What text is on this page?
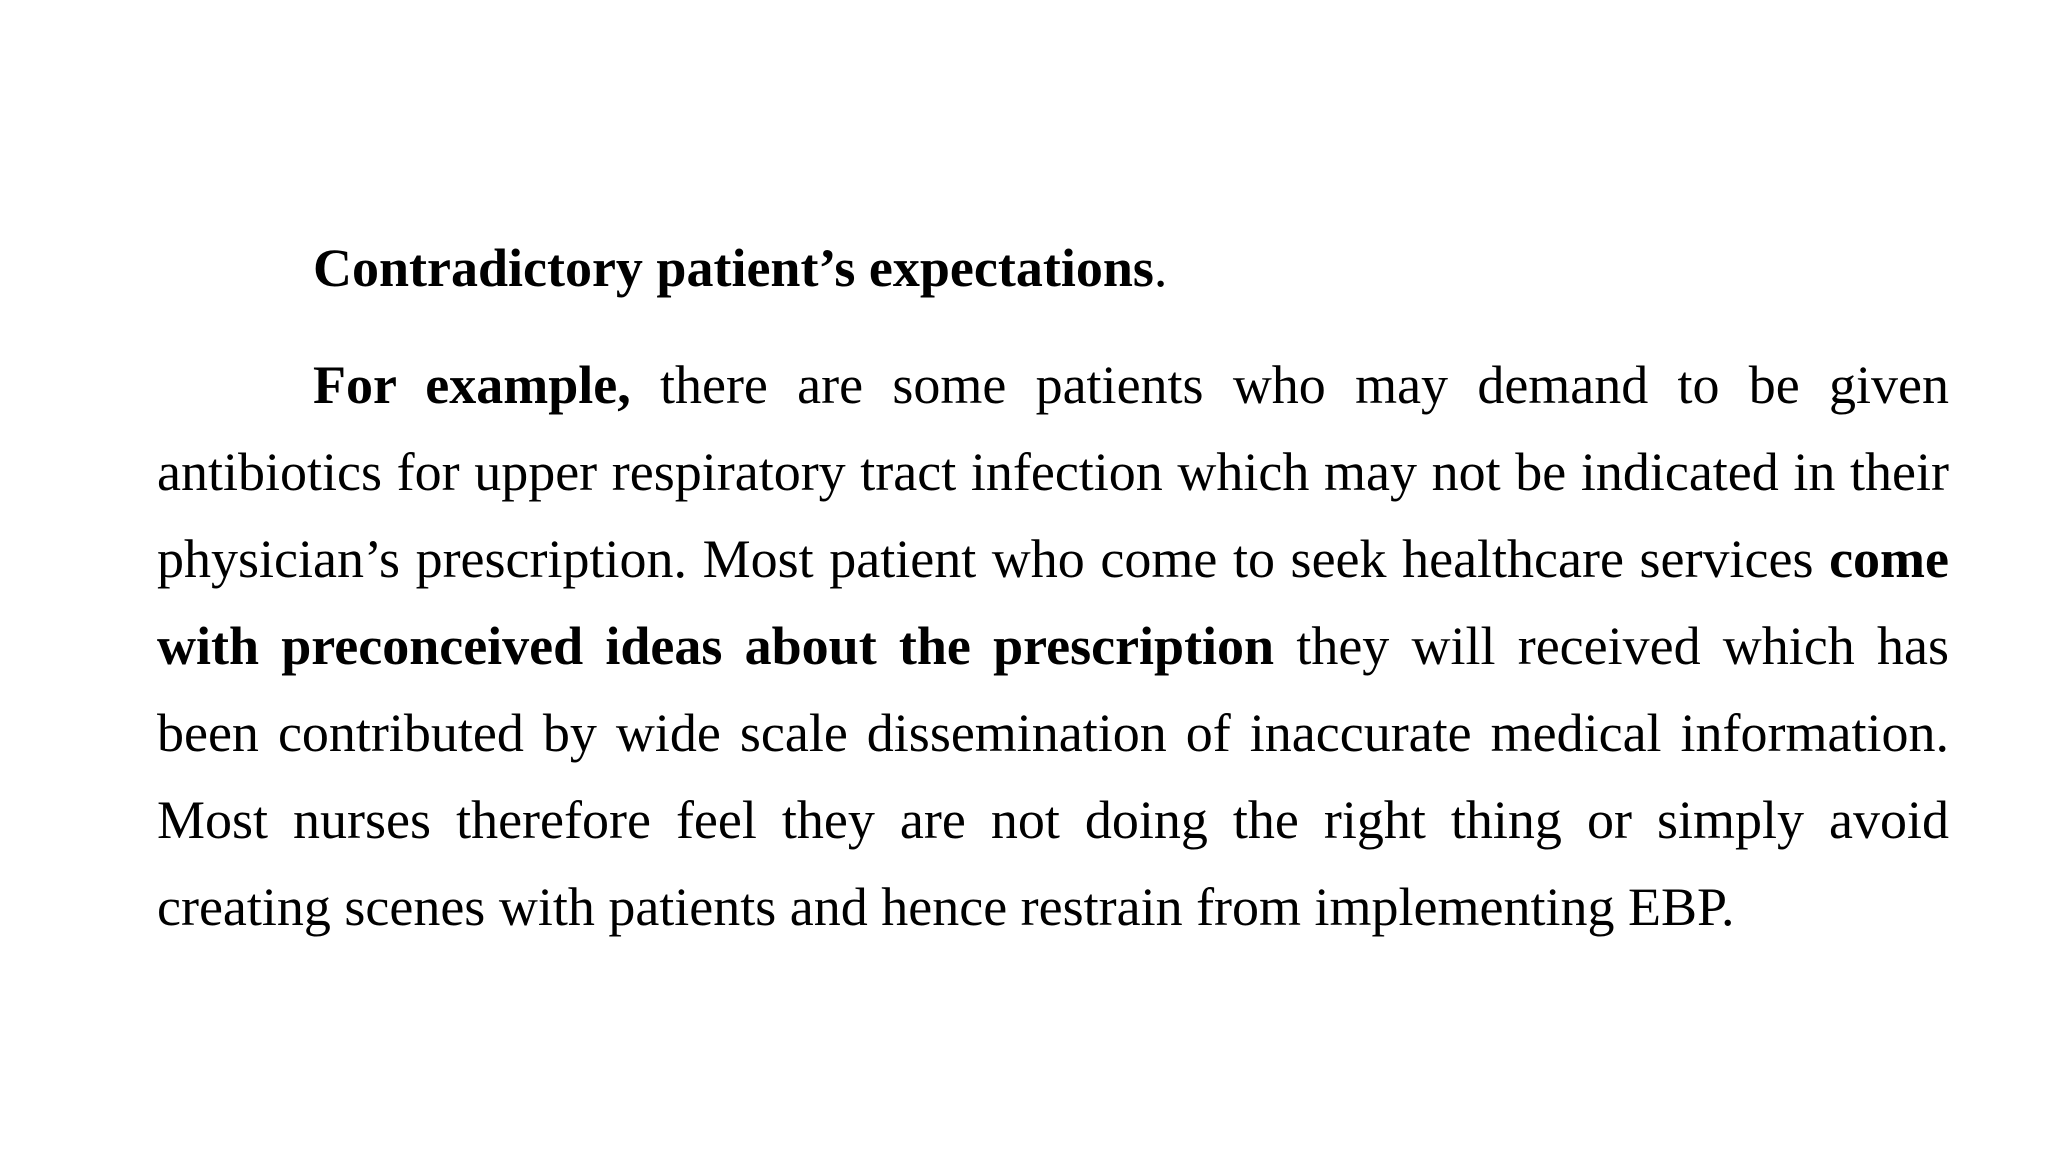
Contradictory patient’s expectations.

For example, there are some patients who may demand to be given antibiotics for upper respiratory tract infection which may not be indicated in their physician’s prescription. Most patient who come to seek healthcare services come with preconceived ideas about the prescription they will received which has been contributed by wide scale dissemination of inaccurate medical information. Most nurses therefore feel they are not doing the right thing or simply avoid creating scenes with patients and hence restrain from implementing EBP.
